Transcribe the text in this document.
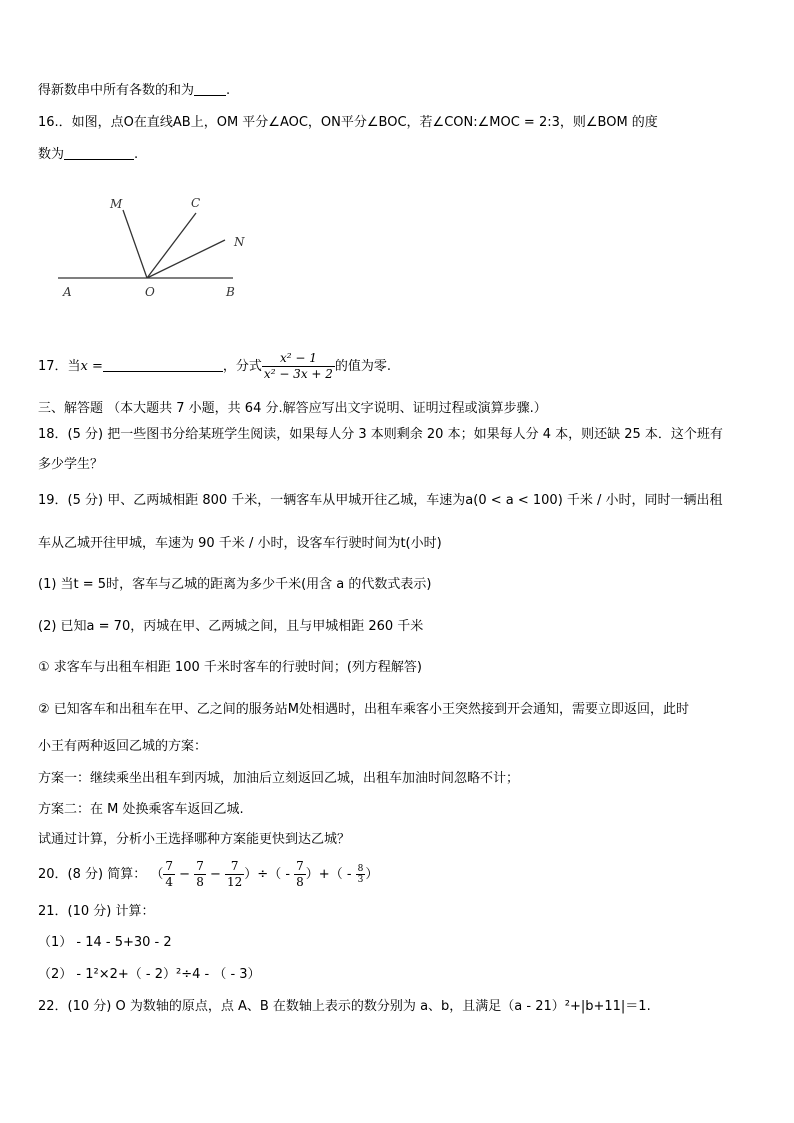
得新数串中所有各数的和为 .
16.．如图，点O在直线AB上，OM 平分∠AOC，ON平分∠BOC，若∠CON:∠MOC = 2:3，则∠BOM 的度
数为	.
M	C
N
A	O	B
17．当x =	，分式 $\frac{\text{x² − 1}}{\text{x² − 3x + 2}}$ 的值为零.
三、解答题 （本大题共 7 小题，共 64 分.解答应写出文字说明、证明过程或演算步骤.）
18．(5 分) 把一些图书分给某班学生阅读，如果每人分 3 本则剩余 20 本；如果每人分 4 本，则还缺 25 本．这个班有
多少学生？
19．(5 分) 甲、乙两城相距 800 千米，一辆客车从甲城开往乙城，车速为a(0 < a < 100) 千米 / 小时，同时一辆出租
车从乙城开往甲城，车速为 90 千米 / 小时，设客车行驶时间为t(小时)
(1) 当t = 5时，客车与乙城的距离为多少千米(用含 a 的代数式表示)
(2) 已知a = 70，丙城在甲、乙两城之间，且与甲城相距 260 千米
① 求客车与出租车相距 100 千米时客车的行驶时间；(列方程解答)
② 已知客车和出租车在甲、乙之间的服务站M处相遇时，出租车乘客小王突然接到开会通知，需要立即返回，此时
小王有两种返回乙城的方案：
方案一：继续乘坐出租车到丙城，加油后立刻返回乙城，出租车加油时间忽略不计；
方案二：在 M 处换乘客车返回乙城.
试通过计算，分析小王选择哪种方案能更快到达乙城？
20．(8 分) 简算： （ $\frac{7}{4} - \frac{7}{8} - \frac{7}{12}$ ）÷（ - $\frac{7}{8}$ ）+（ - $\frac{8}{3}$ ）
21．(10 分) 计算：
（1） - 14 - 5+30 - 2
（2） - 1²×2+（ - 2）²÷4 - （ - 3）
22．(10 分) O 为数轴的原点，点 A、B 在数轴上表示的数分别为 a、b，且满足（a - 21）²+|b+11|＝1.
